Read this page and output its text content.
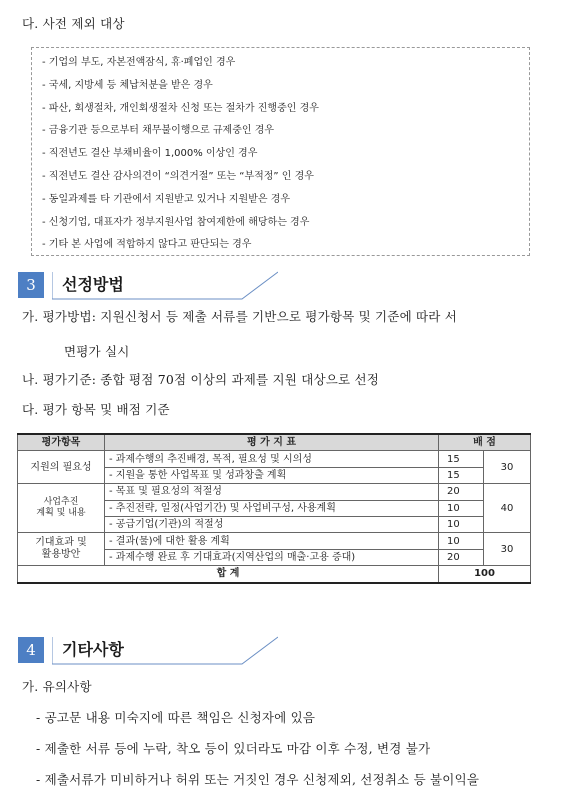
다. 사전 제외 대상
- 기업의 부도, 자본전액잠식, 휴·폐업인 경우
- 국세, 지방세 등 체납처분을 받은 경우
- 파산, 회생절차, 개인회생절차 신청 또는 절차가 진행중인 경우
- 금융기관 등으로부터 채무불이행으로 규제중인 경우
- 직전년도 결산 부채비율이 1,000% 이상인 경우
- 직전년도 결산 감사의견이 “의견거절” 또는 “부적정” 인 경우
- 동일과제를 타 기관에서 지원받고 있거나 지원받은 경우
- 신청기업, 대표자가 정부지원사업 참여제한에 해당하는 경우
- 기타 본 사업에 적합하지 않다고 판단되는 경우
3	선정방법
가. 평가방법: 지원신청서 등 제출 서류를 기반으로 평가항목 및 기준에 따라 서
면평가 실시
나. 평가기준: 종합 평점 70점 이상의 과제를 지원 대상으로 선정
다. 평가 항목 및 배점 기준
평가항목	평 가 지 표	배 점	
지원의 필요성	- 과제수행의 추진배경, 목적, 필요성 및 시의성	15	30
	- 지원을 통한 사업목표 및 성과창출 계획	15	
사업추진
계획 및 내용	- 목표 및 필요성의 적절성	20	40
	- 추진전략, 일정(사업기간) 및 사업비구성, 사용계획	10	
	- 공급기업(기관)의 적절성	10	
기대효과 및
활용방안	- 결과(물)에 대한 활용 계획	10	30
	- 과제수행 완료 후 기대효과(지역산업의 매출·고용 증대)	20	
합 계		100	
4	기타사항
가. 유의사항
- 공고문 내용 미숙지에 따른 책임은 신청자에 있음
- 제출한 서류 등에 누락, 착오 등이 있더라도 마감 이후 수정, 변경 불가
- 제출서류가 미비하거나 허위 또는 거짓인 경우 신청제외, 선정취소 등 불이익을
